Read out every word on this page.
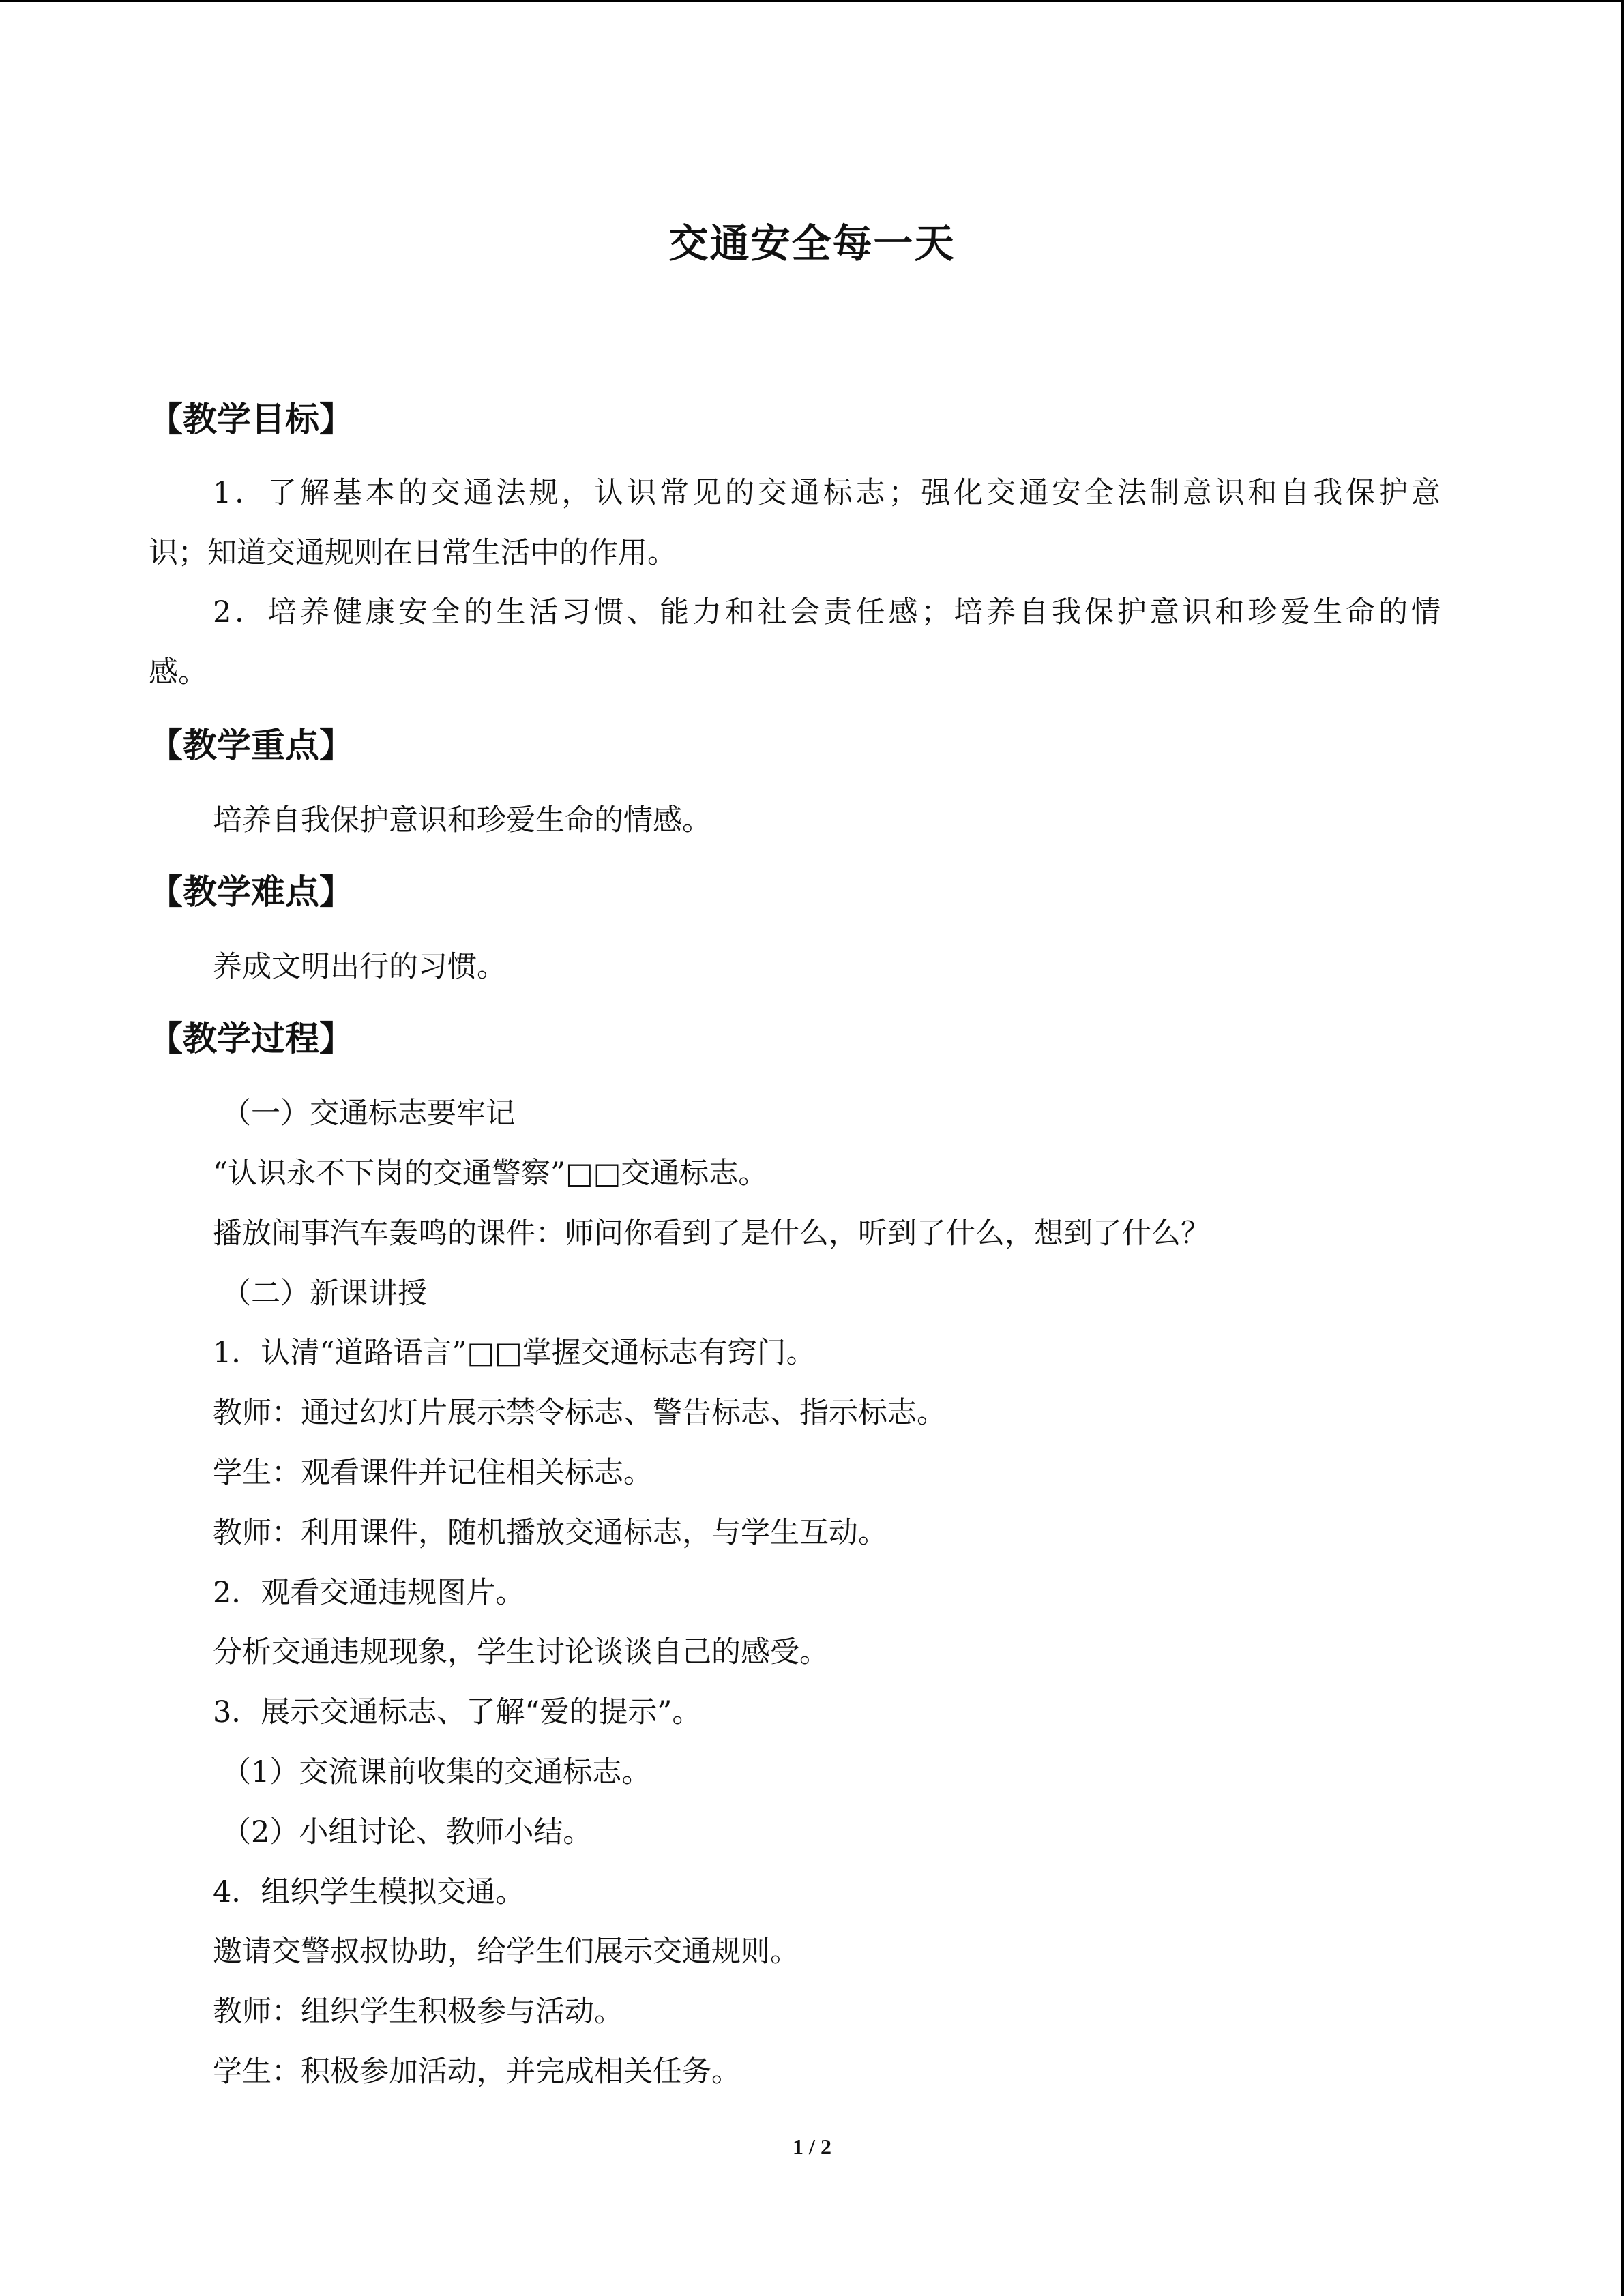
交通安全每一天
【教学目标】
1．了解基本的交通法规，认识常见的交通标志；强化交通安全法制意识和自我保护意
识；知道交通规则在日常生活中的作用。
2．培养健康安全的生活习惯、能力和社会责任感；培养自我保护意识和珍爱生命的情
感。
【教学重点】
培养自我保护意识和珍爱生命的情感。
【教学难点】
养成文明出行的习惯。
【教学过程】
（一）交通标志要牢记
“认识永不下岗的交通警察”□□交通标志。
播放闹事汽车轰鸣的课件：师问你看到了是什么，听到了什么，想到了什么？
（二）新课讲授
1．认清“道路语言”□□掌握交通标志有窍门。
教师：通过幻灯片展示禁令标志、警告标志、指示标志。
学生：观看课件并记住相关标志。
教师：利用课件，随机播放交通标志，与学生互动。
2．观看交通违规图片。
分析交通违规现象，学生讨论谈谈自己的感受。
3．展示交通标志、了解“爱的提示”。
（1）交流课前收集的交通标志。
（2）小组讨论、教师小结。
4．组织学生模拟交通。
邀请交警叔叔协助，给学生们展示交通规则。
教师：组织学生积极参与活动。
学生：积极参加活动，并完成相关任务。
1 / 2
